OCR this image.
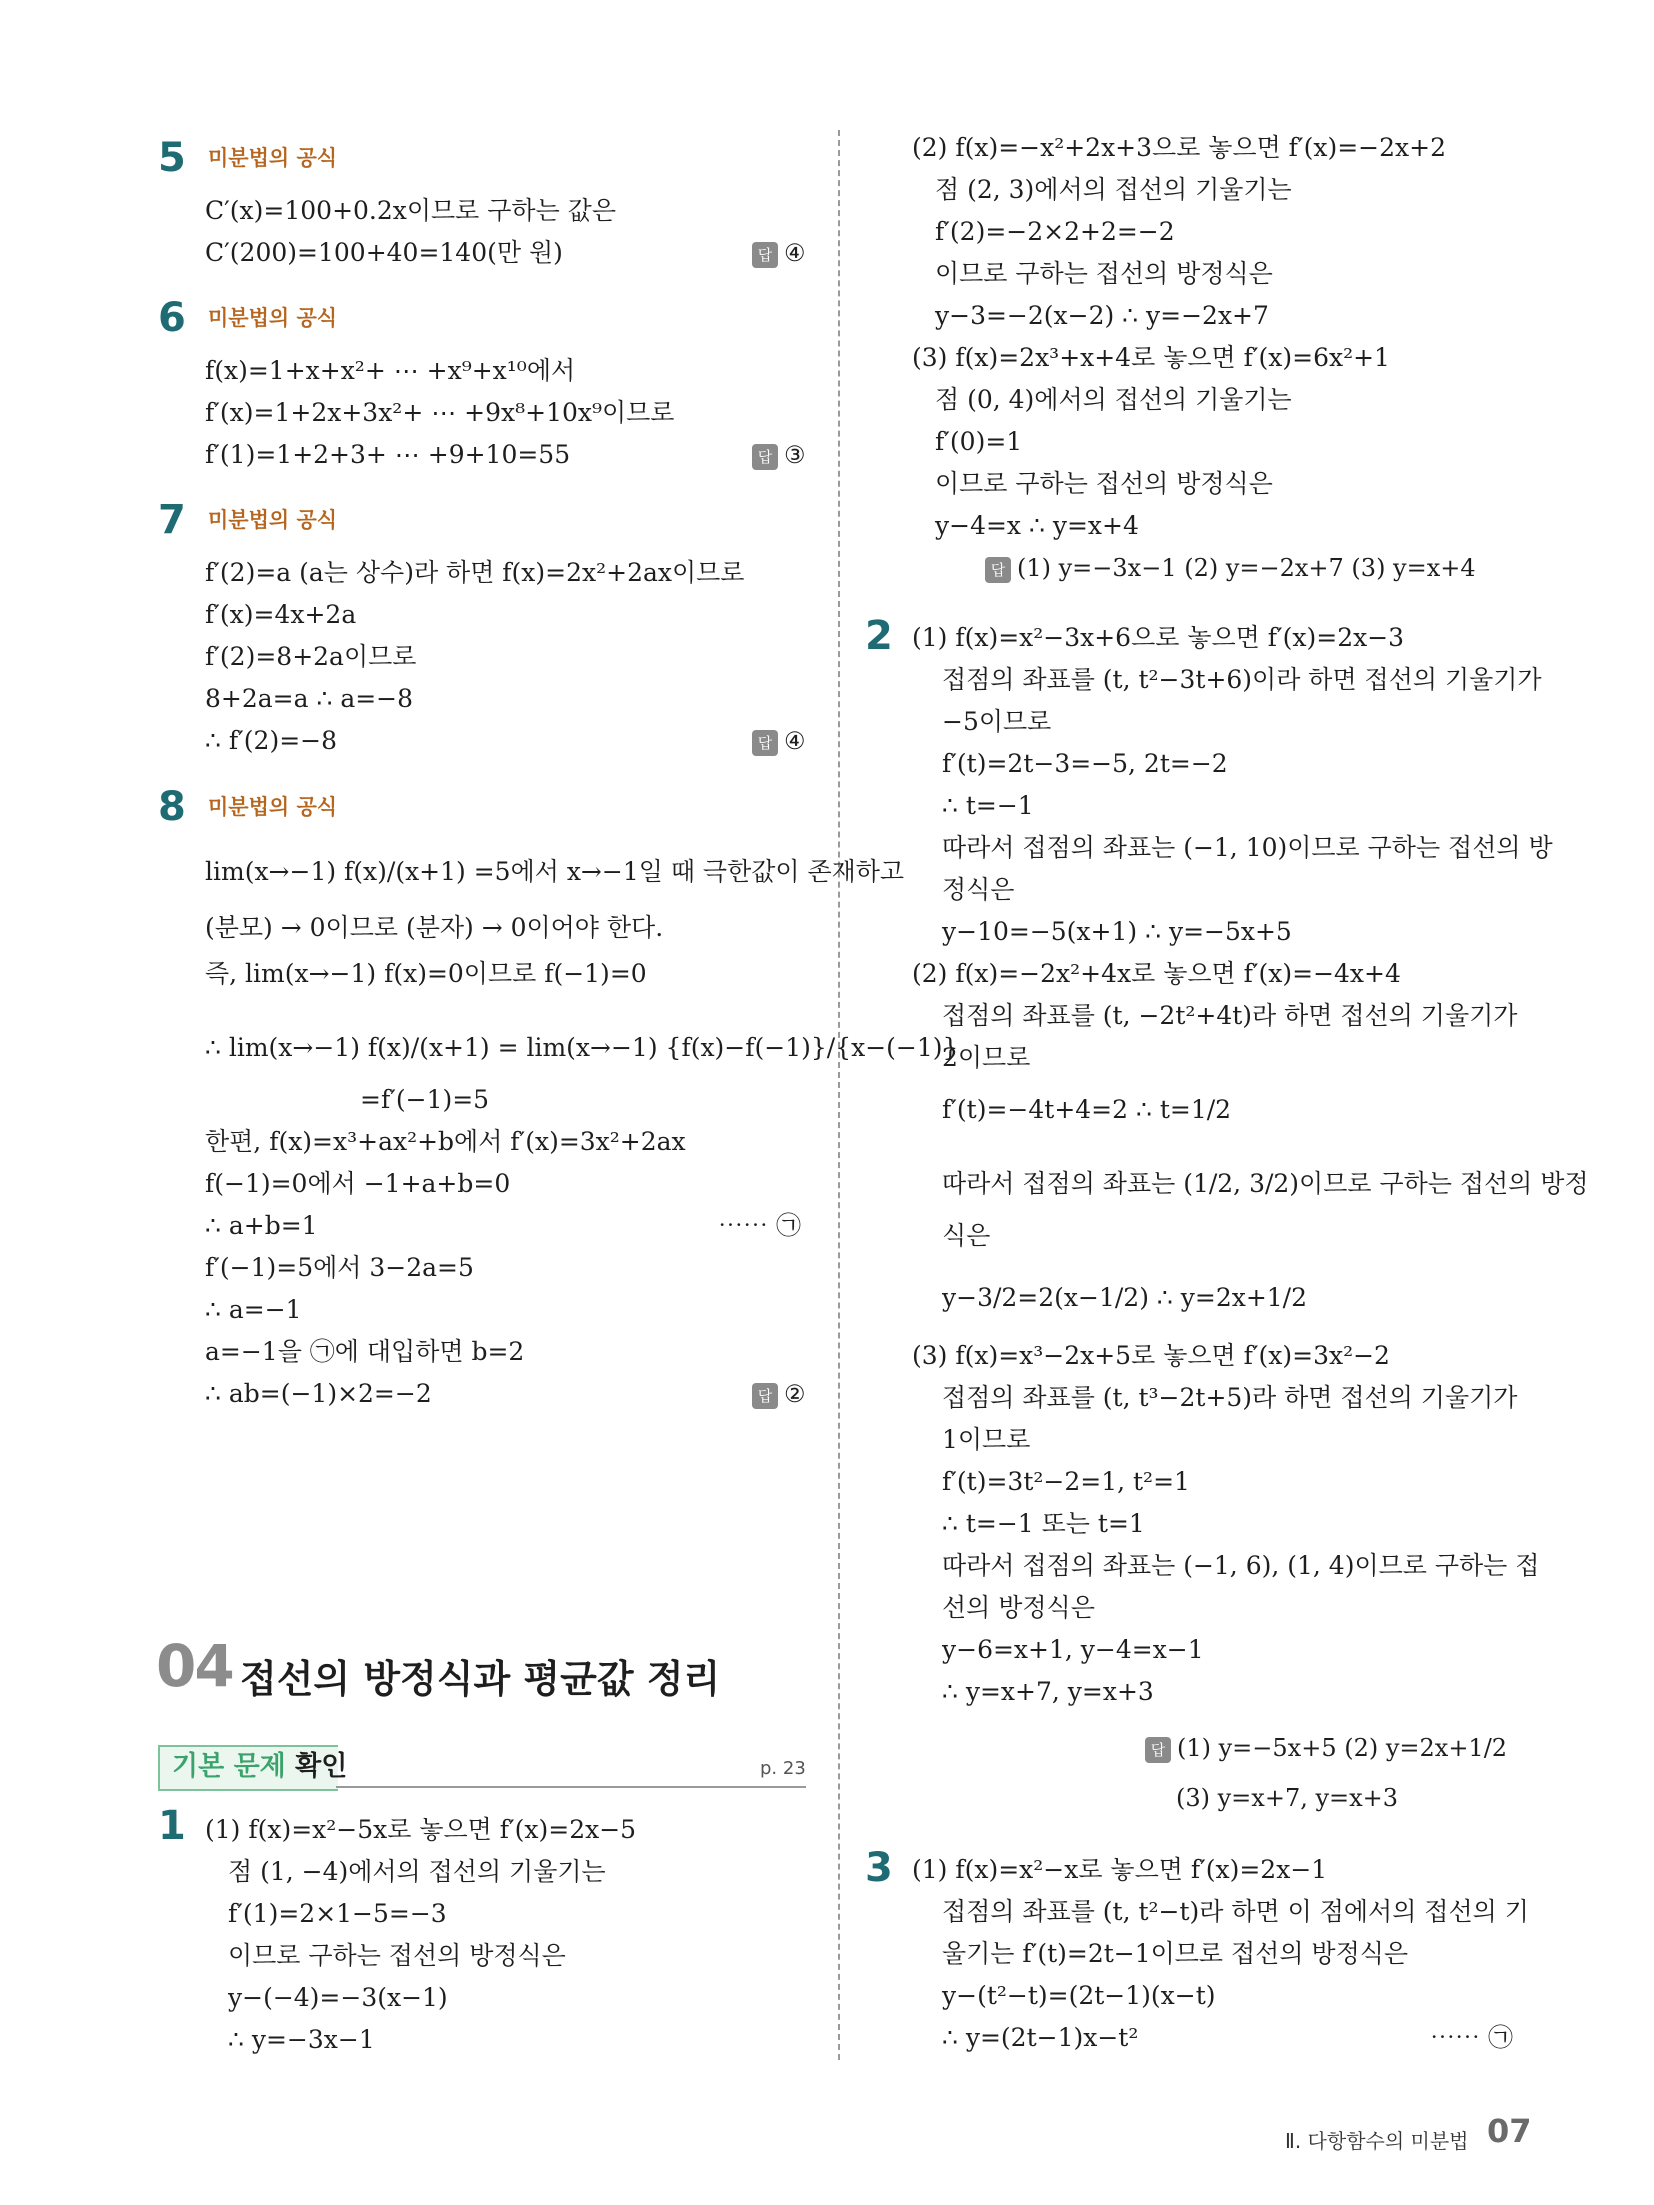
5 미분법의 공식
C′(x)=100+0.2x이므로 구하는 값은
C′(200)=100+40=140(만 원)	답 ④
6 미분법의 공식
f(x)=1+x+x²+ ⋯ +x⁹+x¹⁰에서
f′(x)=1+2x+3x²+ ⋯ +9x⁸+10x⁹이므로
f′(1)=1+2+3+ ⋯ +9+10=55	답 ③
7 미분법의 공식
f′(2)=a (a는 상수)라 하면 f(x)=2x²+2ax이므로
f′(x)=4x+2a
f′(2)=8+2a이므로
8+2a=a ∴ a=−8
∴ f′(2)=−8	답 ④
8 미분법의 공식
lim(x→−1) f(x)/(x+1) =5에서 x→−1일 때 극한값이 존재하고
(분모) → 0이므로 (분자) → 0이어야 한다.
즉, lim(x→−1) f(x)=0이므로 f(−1)=0
∴ lim(x→−1) f(x)/(x+1) = lim(x→−1) {f(x)−f(−1)}/{x−(−1)}
=f′(−1)=5
한편, f(x)=x³+ax²+b에서 f′(x)=3x²+2ax
f(−1)=0에서 −1+a+b=0
∴ a+b=1	⋯⋯ ㉠
f′(−1)=5에서 3−2a=5
∴ a=−1
a=−1을 ㉠에 대입하면 b=2
∴ ab=(−1)×2=−2	답 ②
04 접선의 방정식과 평균값 정리
기본 문제 확인	p. 23
1 (1) f(x)=x²−5x로 놓으면 f′(x)=2x−5
점 (1, −4)에서의 접선의 기울기는
f′(1)=2×1−5=−3
이므로 구하는 접선의 방정식은
y−(−4)=−3(x−1)
∴ y=−3x−1
(2) f(x)=−x²+2x+3으로 놓으면 f′(x)=−2x+2
점 (2, 3)에서의 접선의 기울기는
f′(2)=−2×2+2=−2
이므로 구하는 접선의 방정식은
y−3=−2(x−2) ∴ y=−2x+7
(3) f(x)=2x³+x+4로 놓으면 f′(x)=6x²+1
점 (0, 4)에서의 접선의 기울기는
f′(0)=1
이므로 구하는 접선의 방정식은
y−4=x ∴ y=x+4
답 (1) y=−3x−1 (2) y=−2x+7 (3) y=x+4
2 (1) f(x)=x²−3x+6으로 놓으면 f′(x)=2x−3
접점의 좌표를 (t, t²−3t+6)이라 하면 접선의 기울기가
−5이므로
f′(t)=2t−3=−5, 2t=−2
∴ t=−1
따라서 접점의 좌표는 (−1, 10)이므로 구하는 접선의 방
정식은
y−10=−5(x+1) ∴ y=−5x+5
(2) f(x)=−2x²+4x로 놓으면 f′(x)=−4x+4
접점의 좌표를 (t, −2t²+4t)라 하면 접선의 기울기가
2이므로
f′(t)=−4t+4=2 ∴ t=1/2
따라서 접점의 좌표는 (1/2, 3/2)이므로 구하는 접선의 방정
식은
y−3/2=2(x−1/2) ∴ y=2x+1/2
(3) f(x)=x³−2x+5로 놓으면 f′(x)=3x²−2
접점의 좌표를 (t, t³−2t+5)라 하면 접선의 기울기가
1이므로
f′(t)=3t²−2=1, t²=1
∴ t=−1 또는 t=1
따라서 접점의 좌표는 (−1, 6), (1, 4)이므로 구하는 접
선의 방정식은
y−6=x+1, y−4=x−1
∴ y=x+7, y=x+3
답 (1) y=−5x+5 (2) y=2x+1/2
(3) y=x+7, y=x+3
3 (1) f(x)=x²−x로 놓으면 f′(x)=2x−1
접점의 좌표를 (t, t²−t)라 하면 이 점에서의 접선의 기
울기는 f′(t)=2t−1이므로 접선의 방정식은
y−(t²−t)=(2t−1)(x−t)
∴ y=(2t−1)x−t²	⋯⋯ ㉠
Ⅱ. 다항함수의 미분법 07
